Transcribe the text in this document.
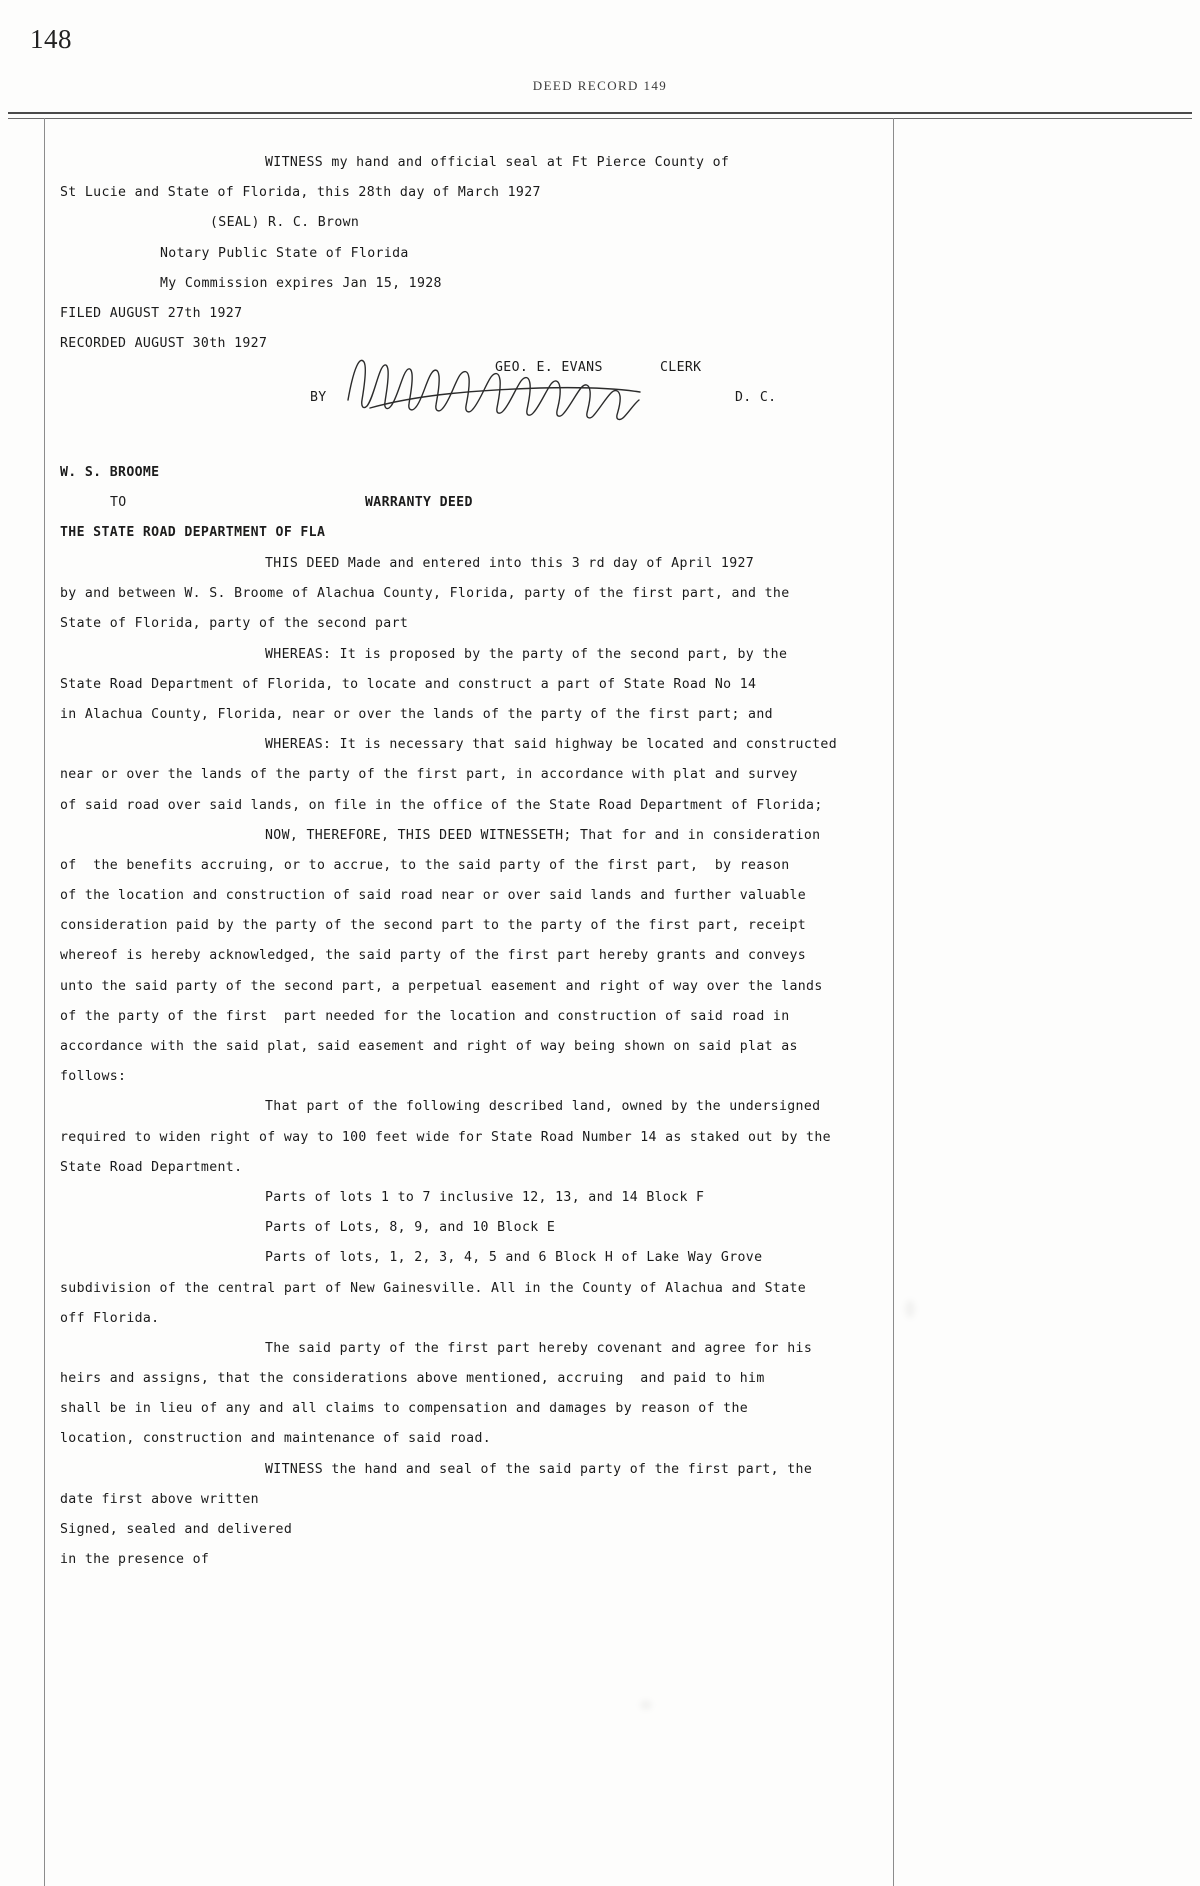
148
DEED RECORD 149
WITNESS my hand and official seal at Ft Pierce County of
St Lucie and State of Florida, this 28th day of March 1927
(SEAL) R. C. Brown
Notary Public State of Florida
My Commission expires Jan 15, 1928
FILED AUGUST 27th 1927
RECORDED AUGUST 30th 1927
GEO. E. EVANS	CLERK
BY	D. C.
W. S. BROOME
TO
THE STATE ROAD DEPARTMENT OF FLA
WARRANTY DEED
THIS DEED Made and entered into this 3 rd day of April 1927
by and between W. S. Broome of Alachua County, Florida, party of the first part, and the
State of Florida, party of the second part
WHEREAS: It is proposed by the party of the second part, by the
State Road Department of Florida, to locate and construct a part of State Road No 14
in Alachua County, Florida, near or over the lands of the party of the first part; and
WHEREAS: It is necessary that said highway be located and constructed
near or over the lands of the party of the first part, in accordance with plat and survey
of said road over said lands, on file in the office of the State Road Department of Florida;
NOW, THEREFORE, THIS DEED WITNESSETH; That for and in consideration
of  the benefits accruing, or to accrue, to the said party of the first part,  by reason
of the location and construction of said road near or over said lands and further valuable
consideration paid by the party of the second part to the party of the first part, receipt
whereof is hereby acknowledged, the said party of the first part hereby grants and conveys
unto the said party of the second part, a perpetual easement and right of way over the lands
of the party of the first  part needed for the location and construction of said road in
accordance with the said plat, said easement and right of way being shown on said plat as
follows:
That part of the following described land, owned by the undersigned
required to widen right of way to 100 feet wide for State Road Number 14 as staked out by the
State Road Department.
Parts of lots 1 to 7 inclusive 12, 13, and 14 Block F
Parts of Lots, 8, 9, and 10 Block E
Parts of lots, 1, 2, 3, 4, 5 and 6 Block H of Lake Way Grove
subdivision of the central part of New Gainesville. All in the County of Alachua and State
off Florida.
The said party of the first part hereby covenant and agree for his
heirs and assigns, that the considerations above mentioned, accruing  and paid to him
shall be in lieu of any and all claims to compensation and damages by reason of the
location, construction and maintenance of said road.
WITNESS the hand and seal of the said party of the first part, the
date first above written
Signed, sealed and delivered
in the presence of
